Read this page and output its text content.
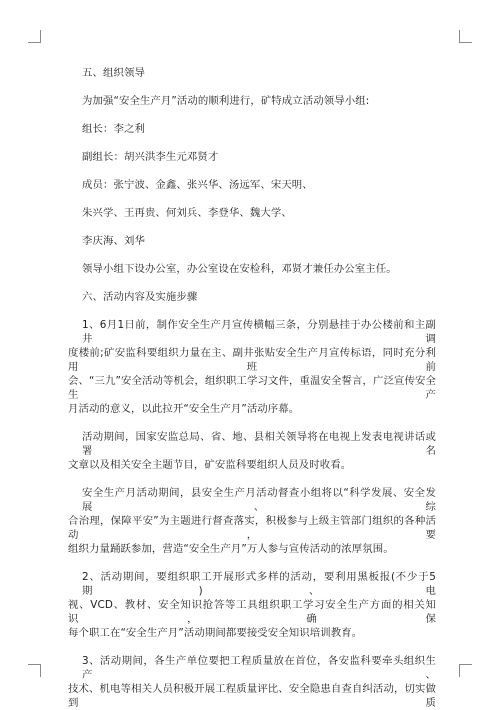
五、组织领导
为加强“安全生产月”活动的顺利进行，矿特成立活动领导小组:
组长：李之利
副组长：胡兴洪李生元邓贤才
成员：张宁波、金鑫、张兴华、汤远军、宋天明、
朱兴学、王再贵、何刘兵、李登华、魏大学、
李庆海、刘华
领导小组下设办公室，办公室设在安检科，邓贤才兼任办公室主任。
六、活动内容及实施步骤
1、6月1日前，制作安全生产月宣传横幅三条，分别悬挂于办公楼前和主副井调
度楼前;矿安监科要组织力量在主、副井张贴安全生产月宣传标语，同时充分利用班前
会、“三九”安全活动等机会，组织职工学习文件，重温安全誓言，广泛宣传安全生产
月活动的意义，以此拉开“安全生产月”活动序幕。
活动期间，国家安监总局、省、地、县相关领导将在电视上发表电视讲话或署名
文章以及相关安全主题节目，矿安监科要组织人员及时收看。
安全生产月活动期间，县安全生产月活动督查小组将以“科学发展、安全发展、综
合治理，保障平安”为主题进行督查落实，积极参与上级主管部门组织的各种活动，要
组织力量踊跃参加，营造“安全生产月”万人参与宣传活动的浓厚氛围。
2、活动期间，要组织职工开展形式多样的活动，要利用黑板报(不少于5期)、电
视、VCD、教材、安全知识抢答等工具组织职工学习安全生产方面的相关知识，确保
每个职工在“安全生产月”活动期间都要接受安全知识培训教育。
3、活动期间，各生产单位要把工程质量放在首位，各安监科要牵头组织生产、
技术、机电等相关人员积极开展工程质量评比、安全隐患自查自纠活动，切实做到质
